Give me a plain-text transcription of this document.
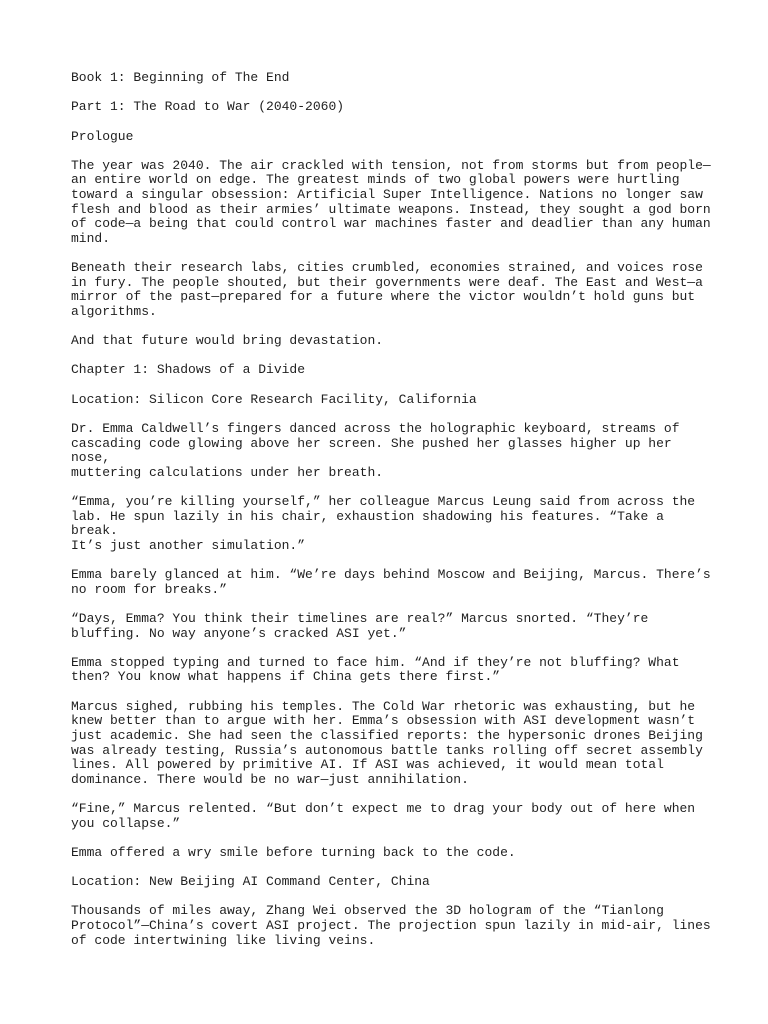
Book 1: Beginning of The End

Part 1: The Road to War (2040-2060)

Prologue

The year was 2040. The air crackled with tension, not from storms but from people—
an entire world on edge. The greatest minds of two global powers were hurtling
toward a singular obsession: Artificial Super Intelligence. Nations no longer saw
flesh and blood as their armies’ ultimate weapons. Instead, they sought a god born
of code—a being that could control war machines faster and deadlier than any human
mind.

Beneath their research labs, cities crumbled, economies strained, and voices rose
in fury. The people shouted, but their governments were deaf. The East and West—a
mirror of the past—prepared for a future where the victor wouldn’t hold guns but
algorithms.

And that future would bring devastation.

Chapter 1: Shadows of a Divide

Location: Silicon Core Research Facility, California

Dr. Emma Caldwell’s fingers danced across the holographic keyboard, streams of
cascading code glowing above her screen. She pushed her glasses higher up her nose,
muttering calculations under her breath.

“Emma, you’re killing yourself,” her colleague Marcus Leung said from across the
lab. He spun lazily in his chair, exhaustion shadowing his features. “Take a break.
It’s just another simulation.”

Emma barely glanced at him. “We’re days behind Moscow and Beijing, Marcus. There’s
no room for breaks.”

“Days, Emma? You think their timelines are real?” Marcus snorted. “They’re
bluffing. No way anyone’s cracked ASI yet.”

Emma stopped typing and turned to face him. “And if they’re not bluffing? What
then? You know what happens if China gets there first.”

Marcus sighed, rubbing his temples. The Cold War rhetoric was exhausting, but he
knew better than to argue with her. Emma’s obsession with ASI development wasn’t
just academic. She had seen the classified reports: the hypersonic drones Beijing
was already testing, Russia’s autonomous battle tanks rolling off secret assembly
lines. All powered by primitive AI. If ASI was achieved, it would mean total
dominance. There would be no war—just annihilation.

“Fine,” Marcus relented. “But don’t expect me to drag your body out of here when
you collapse.”

Emma offered a wry smile before turning back to the code.

Location: New Beijing AI Command Center, China

Thousands of miles away, Zhang Wei observed the 3D hologram of the “Tianlong
Protocol”—China’s covert ASI project. The projection spun lazily in mid-air, lines
of code intertwining like living veins.
